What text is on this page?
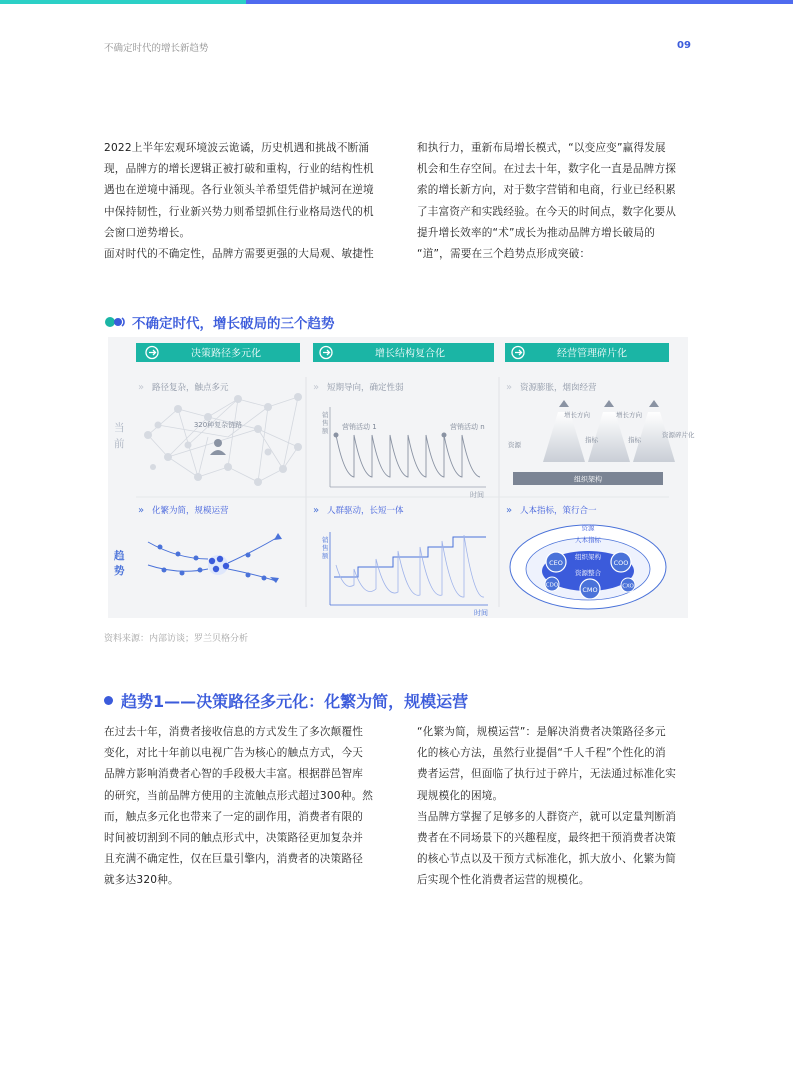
不确定时代的增长新趋势	09
2022上半年宏观环境波云诡谲，历史机遇和挑战不断涌
现，品牌方的增长逻辑正被打破和重构，行业的结构性机
遇也在逆境中涌现。各行业领头羊希望凭借护城河在逆境
中保持韧性，行业新兴势力则希望抓住行业格局迭代的机
会窗口逆势增长。
面对时代的不确定性，品牌方需要更强的大局观、敏捷性
和执行力，重新布局增长模式，“以变应变”赢得发展
机会和生存空间。在过去十年，数字化一直是品牌方探
索的增长新方向，对于数字营销和电商，行业已经积累
了丰富资产和实践经验。在今天的时间点，数字化要从
提升增长效率的“术”成长为推动品牌方增长破局的
“道”，需要在三个趋势点形成突破：
不确定时代，增长破局的三个趋势
决策路径多元化	增长结构复合化	经营管理碎片化
当
前
趋
势
» 路径复杂，触点多元	» 短期导向，确定性弱	» 资源膨胀，烟囱经营
» 化繁为简，规模运营	» 人群驱动，长短一体	» 人本指标，策行合一
320种复杂链路
销
售
额
时间
营销活动 1	营销活动 n
销
售
额
时间
增长方向	增长方向
指标	指标
资源
资源碎片化
组织架构
资源
人本指标
组织架构
资源整合
CEO	COO
CMO	CXO
CDO
资料来源：内部访谈；罗兰贝格分析
趋势1——决策路径多元化：化繁为简，规模运营
在过去十年，消费者接收信息的方式发生了多次颠覆性
变化，对比十年前以电视广告为核心的触点方式，今天
品牌方影响消费者心智的手段极大丰富。根据群邑智库
的研究，当前品牌方使用的主流触点形式超过300种。然
而，触点多元化也带来了一定的副作用，消费者有限的
时间被切割到不同的触点形式中，决策路径更加复杂并
且充满不确定性，仅在巨量引擎内，消费者的决策路径
就多达320种。
“化繁为简，规模运营”：是解决消费者决策路径多元
化的核心方法，虽然行业提倡“千人千程”个性化的消
费者运营，但面临了执行过于碎片，无法通过标准化实
现规模化的困境。
当品牌方掌握了足够多的人群资产，就可以定量判断消
费者在不同场景下的兴趣程度，最终把干预消费者决策
的核心节点以及干预方式标准化，抓大放小、化繁为简
后实现个性化消费者运营的规模化。
